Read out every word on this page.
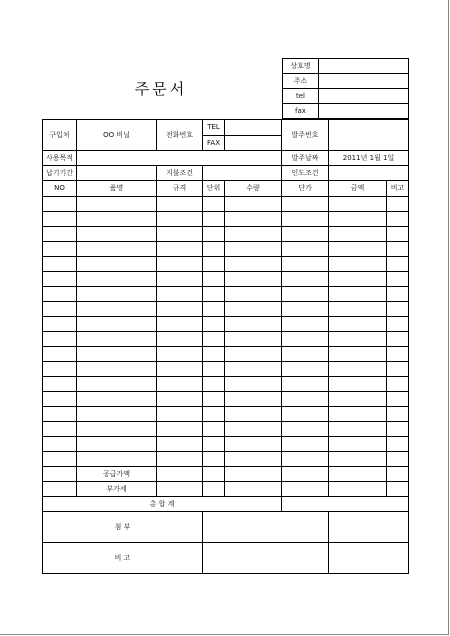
주문서
상호명	
주소	
tel	
fax	
구입처	OO 비닐	전화번호	TEL		발주번호		
			FAX				
사용목적					발주날짜	2011년 1월 1일	
납기기간		지불조건			인도조건		
NO	품명	규격	단위	수량	단가	금액	비고

	공급가액						
	부가세						
총 합 계							
첨 부							
비 고							
